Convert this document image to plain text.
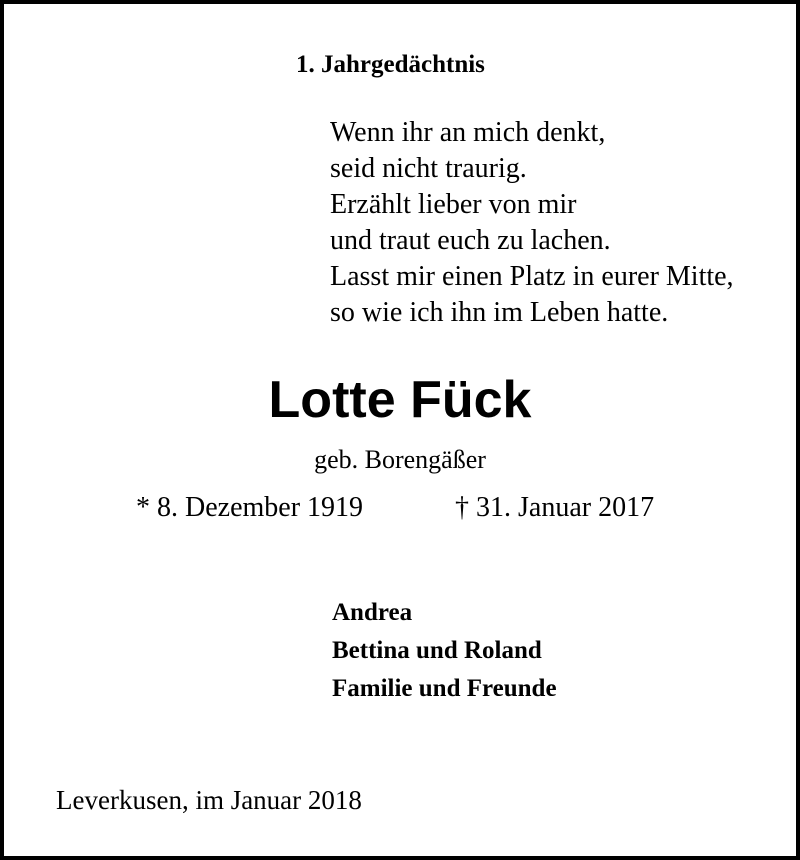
1. Jahrgedächtnis
Wenn ihr an mich denkt,
seid nicht traurig.
Erzählt lieber von mir
und traut euch zu lachen.
Lasst mir einen Platz in eurer Mitte,
so wie ich ihn im Leben hatte.
Lotte Fück
geb. Borengäßer
* 8. Dezember 1919	† 31. Januar 2017
Andrea
Bettina und Roland
Familie und Freunde
Leverkusen, im Januar 2018
